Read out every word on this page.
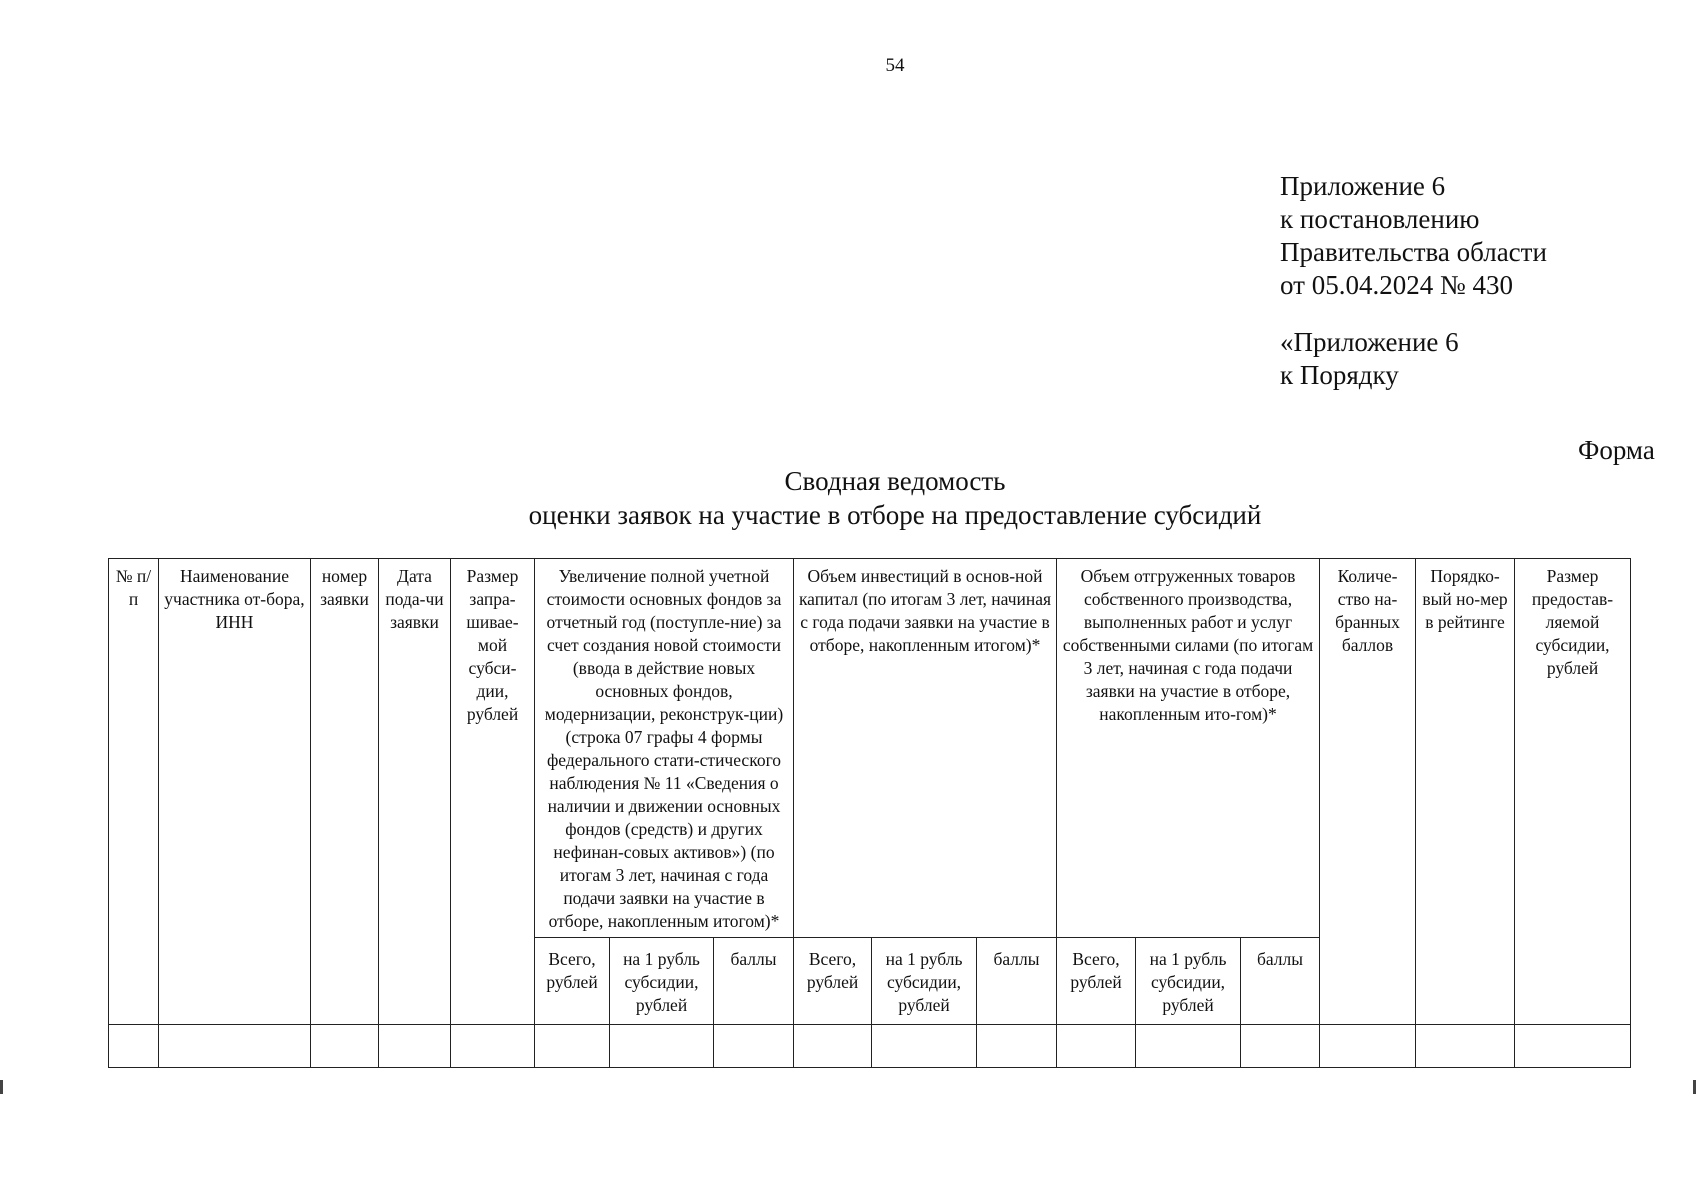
54
Приложение 6
к постановлению
Правительства области
от 05.04.2024 № 430
«Приложение 6
к Порядку
Форма
Сводная ведомость
оценки заявок на участие в отборе на предоставление субсидий
№ п/п	Наименование участника от-бора, ИНН	номер заявки	Дата пода-чи заявки	Размер запра-шивае-мой субси-дии, рублей	Увеличение полной учетной стоимости основных фондов за отчетный год (поступле-ние) за счет создания новой стоимости (ввода в действие новых основных фондов, модернизации, реконструк-ции) (строка 07 графы 4 формы федерального стати-стического наблюдения № 11 «Сведения о наличии и движении основных фондов (средств) и других нефинан-совых активов») (по итогам 3 лет, начиная с года подачи заявки на участие в отборе, накопленным итогом)*			Объем инвестиций в основ-ной капитал (по итогам 3 лет, начиная с года подачи заявки на участие в отборе, накопленным итогом)*			Объем отгруженных товаров собственного производства, выполненных работ и услуг собственными силами (по итогам 3 лет, начиная с года подачи заявки на участие в отборе, накопленным ито-гом)*			Количе-ство на-бранных баллов	Порядко-вый но-мер в рейтинге	Размер предостав-ляемой субсидии, рублей
					Всего, рублей	на 1 рубль субсидии, рублей	баллы	Всего, рублей	на 1 рубль субсидии, рублей	баллы	Всего, рублей	на 1 рубль субсидии, рублей	баллы			
